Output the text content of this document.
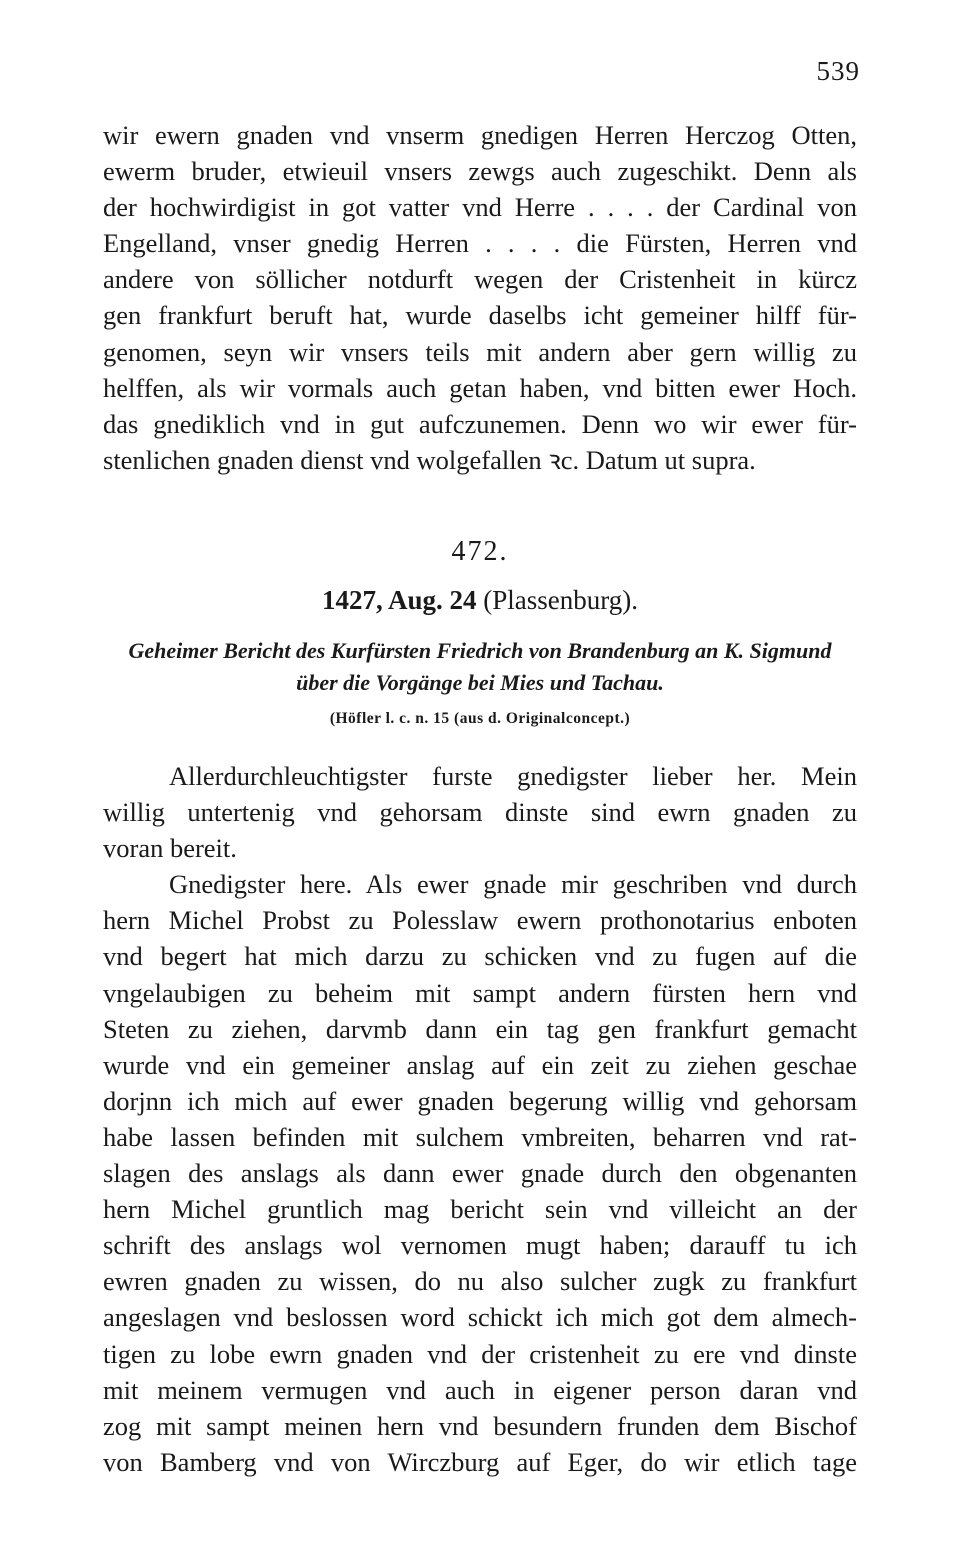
539
wir ewern gnaden vnd vnserm gnedigen Herren Herczog Otten,
ewerm bruder, etwieuil vnsers zewgs auch zugeschikt. Denn als
der hochwirdigist in got vatter vnd Herre . . . . der Cardinal von
Engelland, vnser gnedig Herren . . . . die Fürsten, Herren vnd
andere von söllicher notdurft wegen der Cristenheit in kürcz
gen frankfurt beruft hat, wurde daselbs icht gemeiner hilff für-
genomen, seyn wir vnsers teils mit andern aber gern willig zu
helffen, als wir vormals auch getan haben, vnd bitten ewer Hoch.
das gnediklich vnd in gut aufczunemen. Denn wo wir ewer für-
stenlichen gnaden dienst vnd wolgefallen ꝛc. Datum ut supra.
472.
1427, Aug. 24 (Plassenburg).
Geheimer Bericht des Kurfürsten Friedrich von Brandenburg an K. Sigmund
über die Vorgänge bei Mies und Tachau.
(Höfler l. c. n. 15 (aus d. Originalconcept.)
Allerdurchleuchtigster furste gnedigster lieber her. Mein
willig untertenig vnd gehorsam dinste sind ewrn gnaden zu
voran bereit.
Gnedigster here. Als ewer gnade mir geschriben vnd durch
hern Michel Probst zu Polesslaw ewern prothonotarius enboten
vnd begert hat mich darzu zu schicken vnd zu fugen auf die
vngelaubigen zu beheim mit sampt andern fürsten hern vnd
Steten zu ziehen, darvmb dann ein tag gen frankfurt gemacht
wurde vnd ein gemeiner anslag auf ein zeit zu ziehen geschae
dorjnn ich mich auf ewer gnaden begerung willig vnd gehorsam
habe lassen befinden mit sulchem vmbreiten, beharren vnd rat-
slagen des anslags als dann ewer gnade durch den obgenanten
hern Michel gruntlich mag bericht sein vnd villeicht an der
schrift des anslags wol vernomen mugt haben; darauff tu ich
ewren gnaden zu wissen, do nu also sulcher zugk zu frankfurt
angeslagen vnd beslossen word schickt ich mich got dem almech-
tigen zu lobe ewrn gnaden vnd der cristenheit zu ere vnd dinste
mit meinem vermugen vnd auch in eigener person daran vnd
zog mit sampt meinen hern vnd besundern frunden dem Bischof
von Bamberg vnd von Wirczburg auf Eger, do wir etlich tage
